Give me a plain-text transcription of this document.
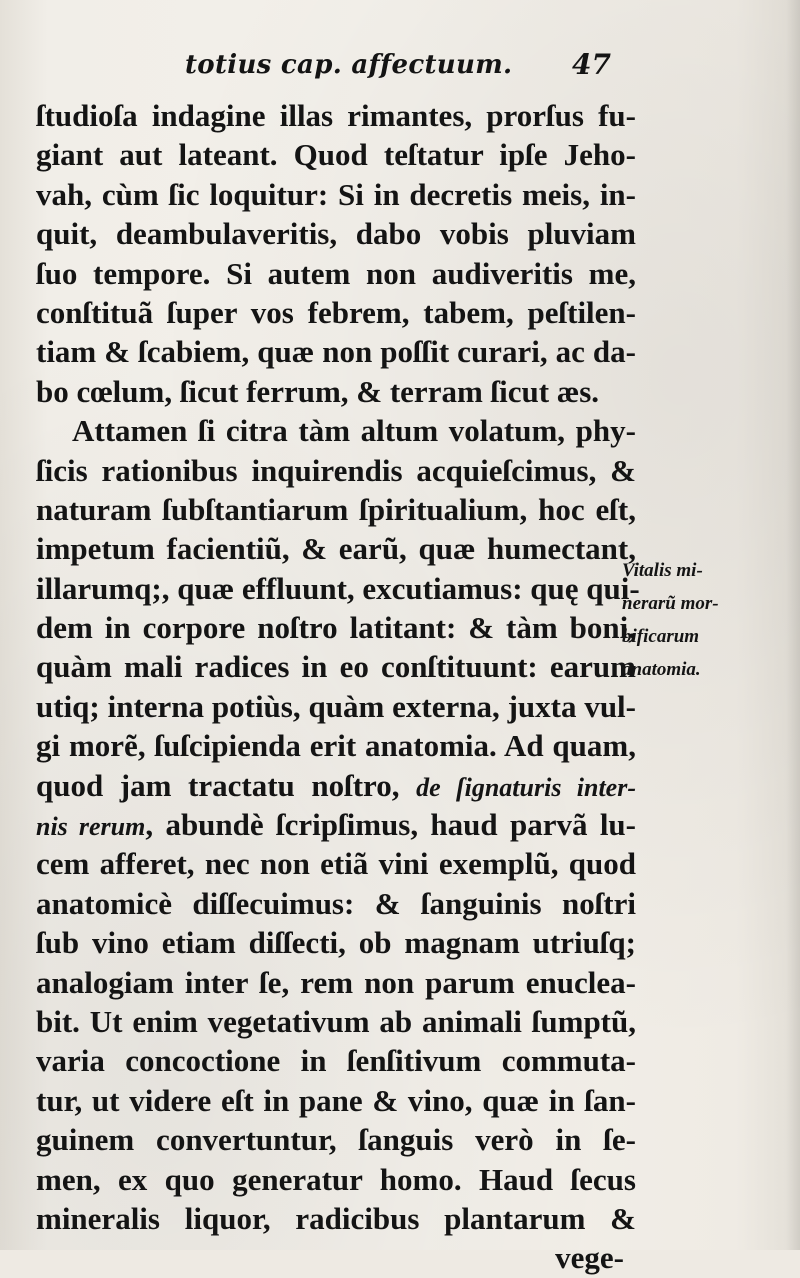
totius cap. affectuum. 47
ſtudioſa indagine illas rimantes, prorſus fu-
giant aut lateant. Quod teſtatur ipſe Jeho-
vah, cùm ſic loquitur: Si in decretis meis, in-
quit, deambulaveritis, dabo vobis pluviam
ſuo tempore. Si autem non audiveritis me,
conſtituã ſuper vos febrem, tabem, peſtilen-
tiam & ſcabiem, quæ non poſſit curari, ac da-
bo cœlum, ſicut ferrum, & terram ſicut æs.
Attamen ſi citra tàm altum volatum, phy-
ſicis rationibus inquirendis acquieſcimus, &
naturam ſubſtantiarum ſpiritualium, hoc eſt,
impetum facientiũ, & earũ, quæ humectant,
illarumq;, quæ effluunt, excutiamus: quę qui-
dem in corpore noſtro latitant: & tàm boni,
quàm mali radices in eo conſtituunt: earum
utiq; interna potiùs, quàm externa, juxta vul-
gi morẽ, ſuſcipienda erit anatomia. Ad quam,
quod jam tractatu noſtro, de ſignaturis inter-
nis rerum, abundè ſcripſimus, haud parvã lu-
cem afferet, nec non etiã vini exemplũ, quod
anatomicè diſſecuimus: & ſanguinis noſtri
ſub vino etiam diſſecti, ob magnam utriuſq;
analogiam inter ſe, rem non parum enuclea-
bit. Ut enim vegetativum ab animali ſumptũ,
varia concoctione in ſenſitivum commuta-
tur, ut videre eſt in pane & vino, quæ in ſan-
guinem convertuntur, ſanguis verò in ſe-
men, ex quo generatur homo. Haud ſecus
mineralis liquor, radicibus plantarum &
vege-
Vitalis mi-
nerarũ mor-
bificarum
anatomia.
